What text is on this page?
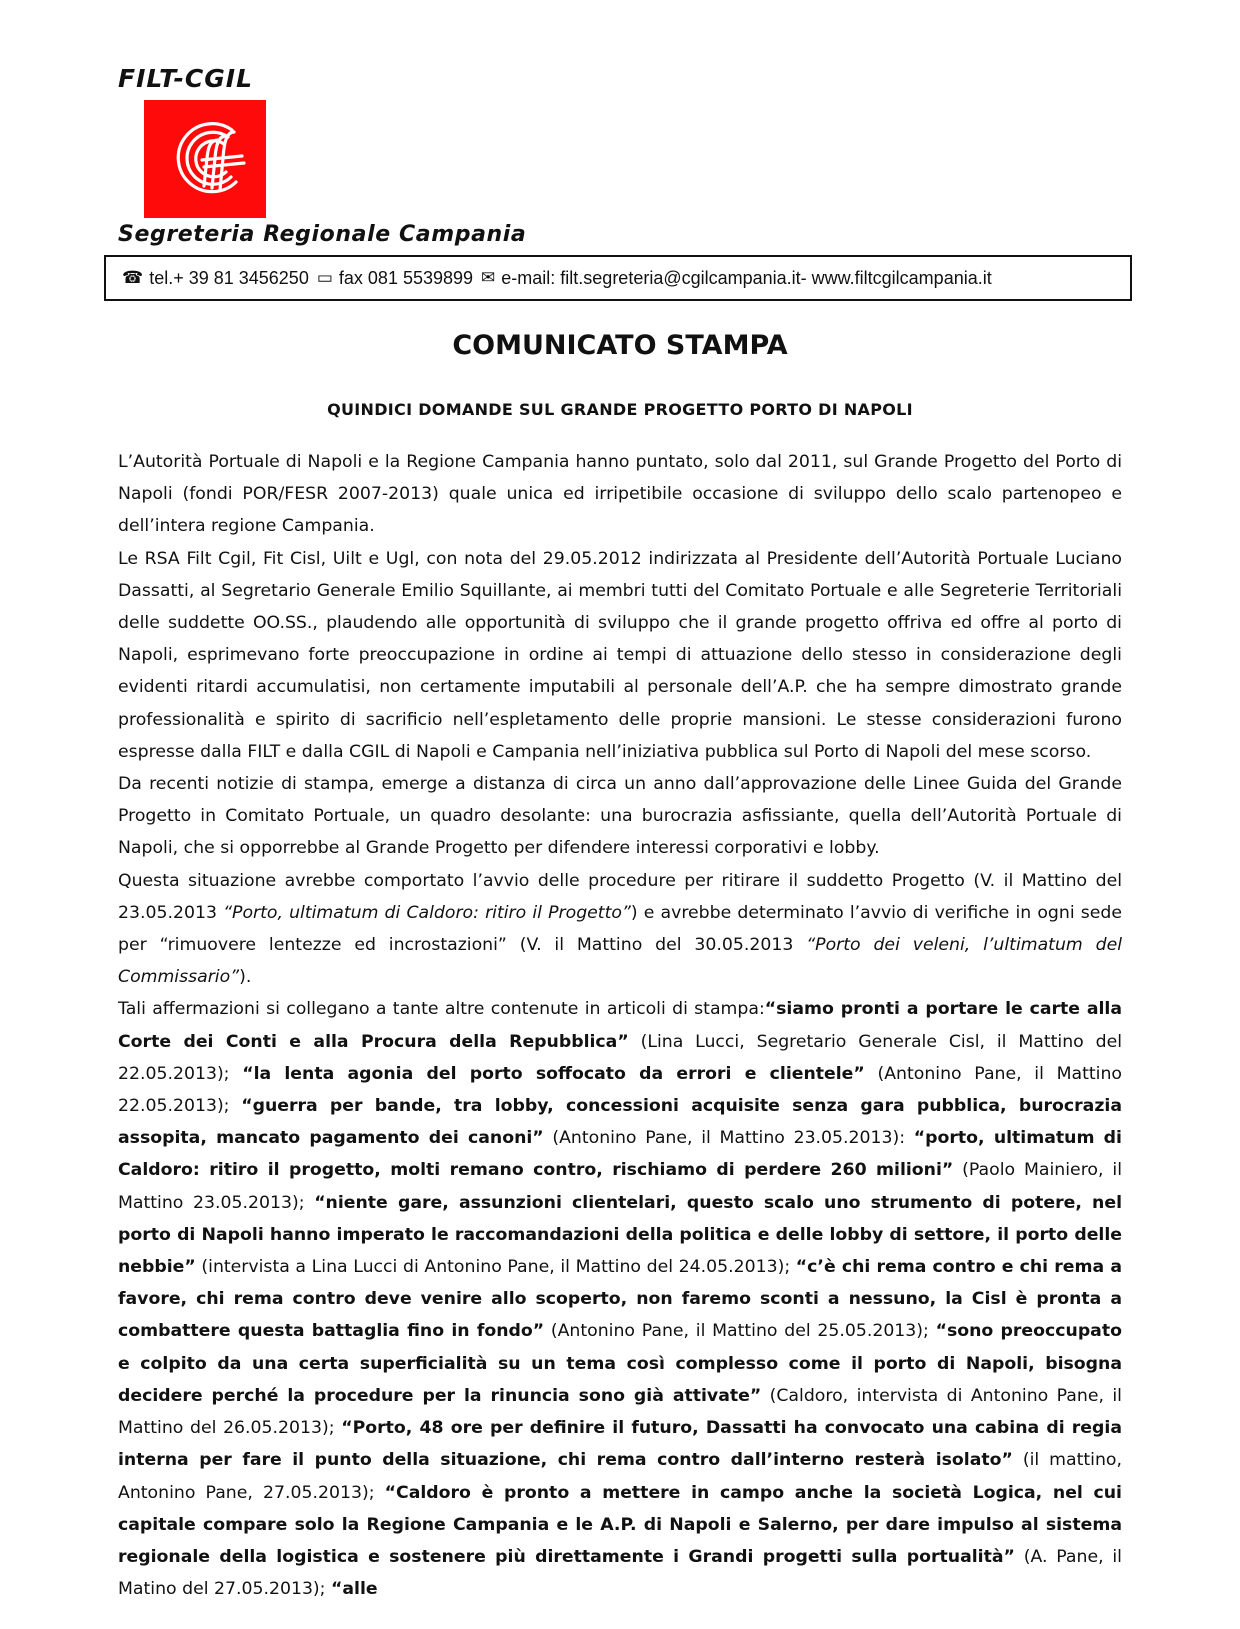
FILT-CGIL
Segreteria Regionale Campania
☎ tel.+ 39 81 3456250 ▭ fax 081 5539899 ✉ e-mail: filt.segreteria@cgilcampania.it- www.filtcgilcampania.it
COMUNICATO STAMPA
QUINDICI DOMANDE SUL GRANDE PROGETTO PORTO DI NAPOLI

L’Autorità Portuale di Napoli e la Regione Campania hanno puntato, solo dal 2011, sul Grande Progetto del Porto di Napoli (fondi POR/FESR 2007-2013) quale unica ed irripetibile occasione di sviluppo dello scalo partenopeo e dell’intera regione Campania.

Le RSA Filt Cgil, Fit Cisl, Uilt e Ugl, con nota del 29.05.2012 indirizzata al Presidente dell’Autorità Portuale Luciano Dassatti, al Segretario Generale Emilio Squillante, ai membri tutti del Comitato Portuale e alle Segreterie Territoriali delle suddette OO.SS., plaudendo alle opportunità di sviluppo che il grande progetto offriva ed offre al porto di Napoli, esprimevano forte preoccupazione in ordine ai tempi di attuazione dello stesso in considerazione degli evidenti ritardi accumulatisi, non certamente imputabili al personale dell’A.P. che ha sempre dimostrato grande professionalità e spirito di sacrificio nell’espletamento delle proprie mansioni. Le stesse considerazioni furono espresse dalla FILT e dalla CGIL di Napoli e Campania nell’iniziativa pubblica sul Porto di Napoli del mese scorso.

Da recenti notizie di stampa, emerge a distanza di circa un anno dall’approvazione delle Linee Guida del Grande Progetto in Comitato Portuale, un quadro desolante: una burocrazia asfissiante, quella dell’Autorità Portuale di Napoli, che si opporrebbe al Grande Progetto per difendere interessi corporativi e lobby.

Questa situazione avrebbe comportato l’avvio delle procedure per ritirare il suddetto Progetto (V. il Mattino del 23.05.2013 “Porto, ultimatum di Caldoro: ritiro il Progetto”) e avrebbe determinato l’avvio di verifiche in ogni sede per “rimuovere lentezze ed incrostazioni” (V. il Mattino del 30.05.2013 “Porto dei veleni, l’ultimatum del Commissario”).

Tali affermazioni si collegano a tante altre contenute in articoli di stampa:“siamo pronti a portare le carte alla Corte dei Conti e alla Procura della Repubblica” (Lina Lucci, Segretario Generale Cisl, il Mattino del 22.05.2013); “la lenta agonia del porto soffocato da errori e clientele” (Antonino Pane, il Mattino 22.05.2013); “guerra per bande, tra lobby, concessioni acquisite senza gara pubblica, burocrazia assopita, mancato pagamento dei canoni” (Antonino Pane, il Mattino 23.05.2013): “porto, ultimatum di Caldoro: ritiro il progetto, molti remano contro, rischiamo di perdere 260 milioni” (Paolo Mainiero, il Mattino 23.05.2013); “niente gare, assunzioni clientelari, questo scalo uno strumento di potere, nel porto di Napoli hanno imperato le raccomandazioni della politica e delle lobby di settore, il porto delle nebbie” (intervista a Lina Lucci di Antonino Pane, il Mattino del 24.05.2013); “c’è chi rema contro e chi rema a favore, chi rema contro deve venire allo scoperto, non faremo sconti a nessuno, la Cisl è pronta a combattere questa battaglia fino in fondo” (Antonino Pane, il Mattino del 25.05.2013); “sono preoccupato e colpito da una certa superficialità su un tema così complesso come il porto di Napoli, bisogna decidere perché la procedure per la rinuncia sono già attivate” (Caldoro, intervista di Antonino Pane, il Mattino del 26.05.2013); “Porto, 48 ore per definire il futuro, Dassatti ha convocato una cabina di regia interna per fare il punto della situazione, chi rema contro dall’interno resterà isolato” (il mattino, Antonino Pane, 27.05.2013); “Caldoro è pronto a mettere in campo anche la società Logica, nel cui capitale compare solo la Regione Campania e le A.P. di Napoli e Salerno, per dare impulso al sistema regionale della logistica e sostenere più direttamente i Grandi progetti sulla portualità” (A. Pane, il Matino del 27.05.2013); “alle
